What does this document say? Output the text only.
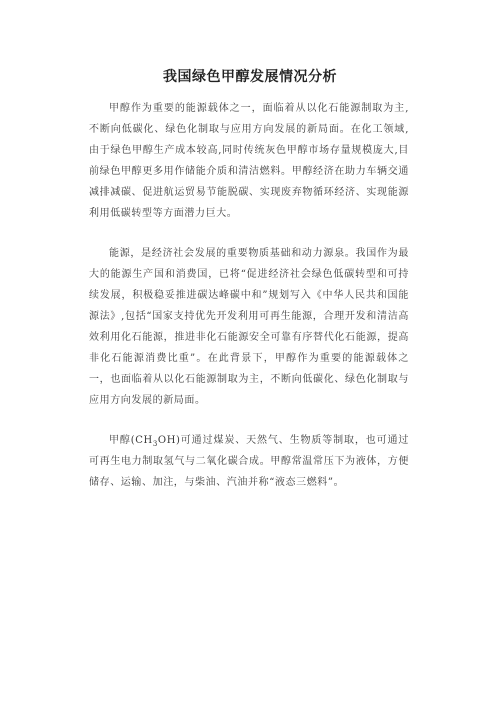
我国绿色甲醇发展情况分析

甲醇作为重要的能源载体之一，面临着从以化石能源制取为主,不断向低碳化、绿色化制取与应用方向发展的新局面。在化工领域,由于绿色甲醇生产成本较高,同时传统灰色甲醇市场存量规模庞大,目前绿色甲醇更多用作储能介质和清洁燃料。甲醇经济在助力车辆交通减排减碳、促进航运贸易节能脱碳、实现废弃物循环经济、实现能源利用低碳转型等方面潜力巨大。

能源，是经济社会发展的重要物质基础和动力源泉。我国作为最大的能源生产国和消费国，已将“促进经济社会绿色低碳转型和可持续发展，积极稳妥推进碳达峰碳中和”规划写入《中华人民共和国能源法》,包括“国家支持优先开发利用可再生能源，合理开发和清洁高效利用化石能源，推进非化石能源安全可靠有序替代化石能源，提高非化石能源消费比重”。在此背景下，甲醇作为重要的能源载体之一，也面临着从以化石能源制取为主，不断向低碳化、绿色化制取与应用方向发展的新局面。

甲醇$(CH_3OH)$可通过煤炭、天然气、生物质等制取，也可通过可再生电力制取氢气与二氧化碳合成。甲醇常温常压下为液体，方便储存、运输、加注，与柴油、汽油并称“液态三燃料”。
